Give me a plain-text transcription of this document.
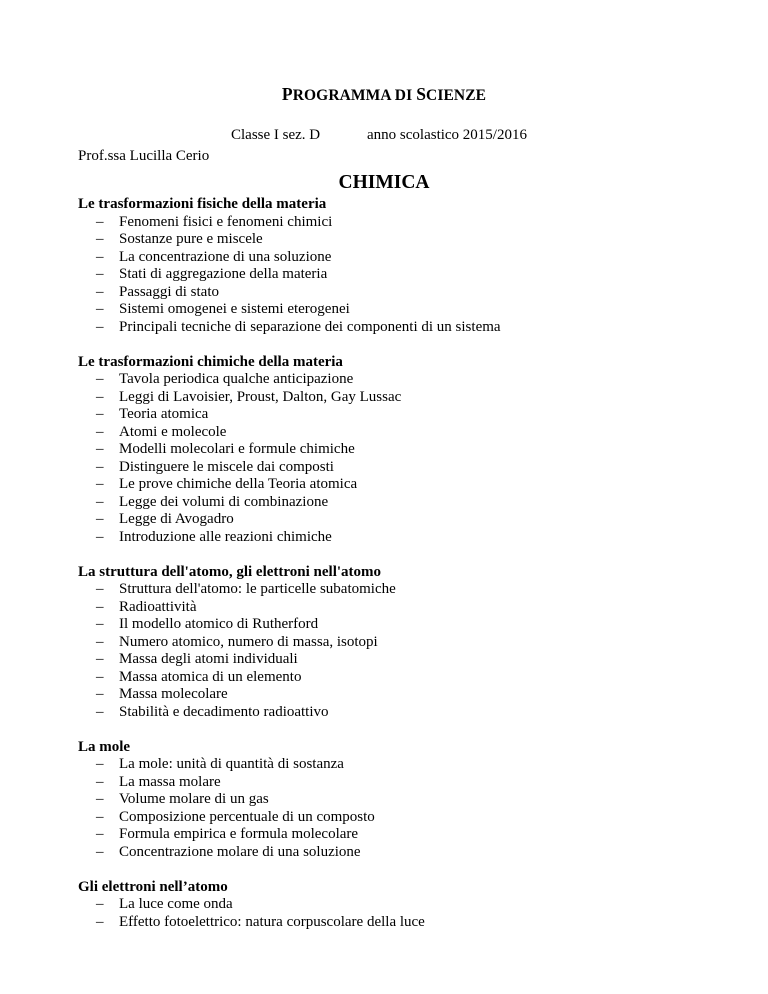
PROGRAMMA DI SCIENZE
Classe I sez. D	anno scolastico 2015/2016
Prof.ssa Lucilla Cerio
CHIMICA
Le trasformazioni fisiche della materia
– Fenomeni fisici e fenomeni chimici
– Sostanze pure e miscele
– La concentrazione di una soluzione
– Stati di aggregazione della materia
– Passaggi di stato
– Sistemi omogenei e sistemi eterogenei
– Principali tecniche di separazione dei componenti di un sistema
Le trasformazioni chimiche della materia
– Tavola periodica qualche anticipazione
– Leggi di Lavoisier, Proust, Dalton, Gay Lussac
– Teoria atomica
– Atomi e molecole
– Modelli molecolari e formule chimiche
– Distinguere le miscele dai composti
– Le prove chimiche della Teoria atomica
– Legge dei volumi di combinazione
– Legge di Avogadro
– Introduzione alle reazioni chimiche
La struttura dell'atomo, gli elettroni nell'atomo
– Struttura dell'atomo: le particelle subatomiche
– Radioattività
– Il modello atomico di Rutherford
– Numero atomico, numero di massa, isotopi
– Massa degli atomi individuali
– Massa atomica di un elemento
– Massa molecolare
– Stabilità e decadimento radioattivo
La mole
– La mole: unità di quantità di sostanza
– La massa molare
– Volume molare di un gas
– Composizione percentuale di un composto
– Formula empirica e formula molecolare
– Concentrazione molare di una soluzione
Gli elettroni nell’atomo
– La luce come onda
– Effetto fotoelettrico: natura corpuscolare della luce
